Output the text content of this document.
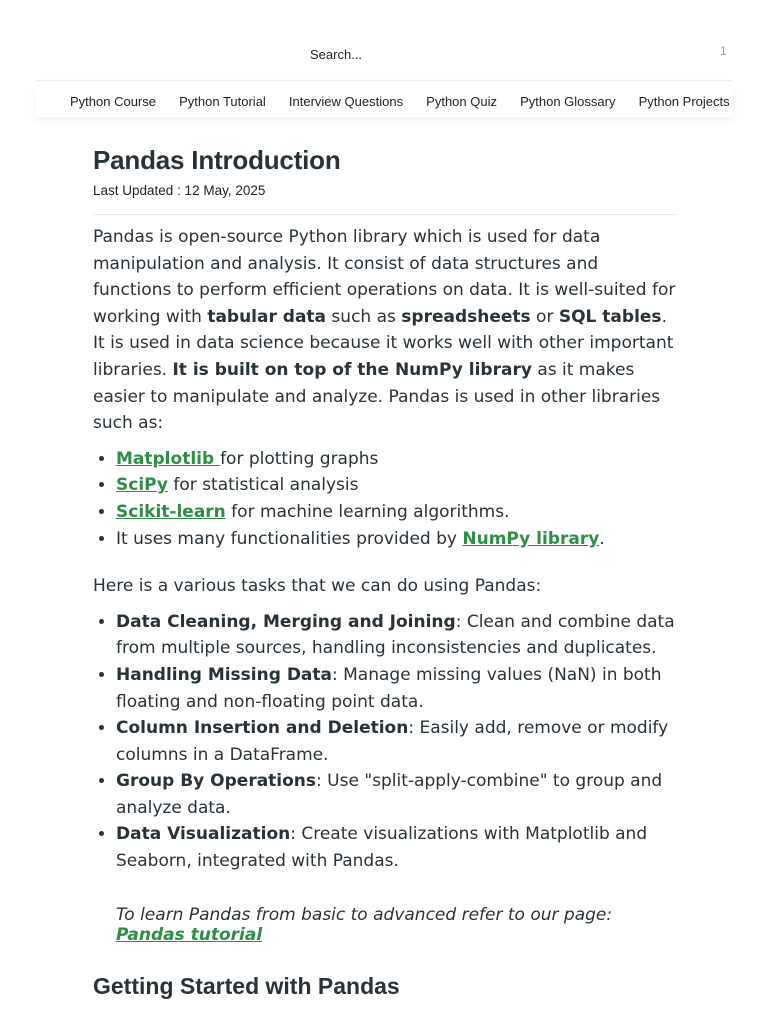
Search...	1
Python Course Python Tutorial Interview Questions Python Quiz Python Glossary Python Projects
Pandas Introduction
Last Updated : 12 May, 2025

Pandas is open-source Python library which is used for data manipulation and analysis. It consist of data structures and functions to perform efficient operations on data. It is well-suited for working with tabular data such as spreadsheets or SQL tables. It is used in data science because it works well with other important libraries. It is built on top of the NumPy library as it makes easier to manipulate and analyze. Pandas is used in other libraries such as:

• Matplotlib for plotting graphs
• SciPy for statistical analysis
• Scikit-learn for machine learning algorithms.
• It uses many functionalities provided by NumPy library.

Here is a various tasks that we can do using Pandas:

• Data Cleaning, Merging and Joining: Clean and combine data from multiple sources, handling inconsistencies and duplicates.
• Handling Missing Data: Manage missing values (NaN) in both floating and non-floating point data.
• Column Insertion and Deletion: Easily add, remove or modify columns in a DataFrame.
• Group By Operations: Use "split-apply-combine" to group and analyze data.
• Data Visualization: Create visualizations with Matplotlib and Seaborn, integrated with Pandas.

To learn Pandas from basic to advanced refer to our page: Pandas tutorial

Getting Started with Pandas
